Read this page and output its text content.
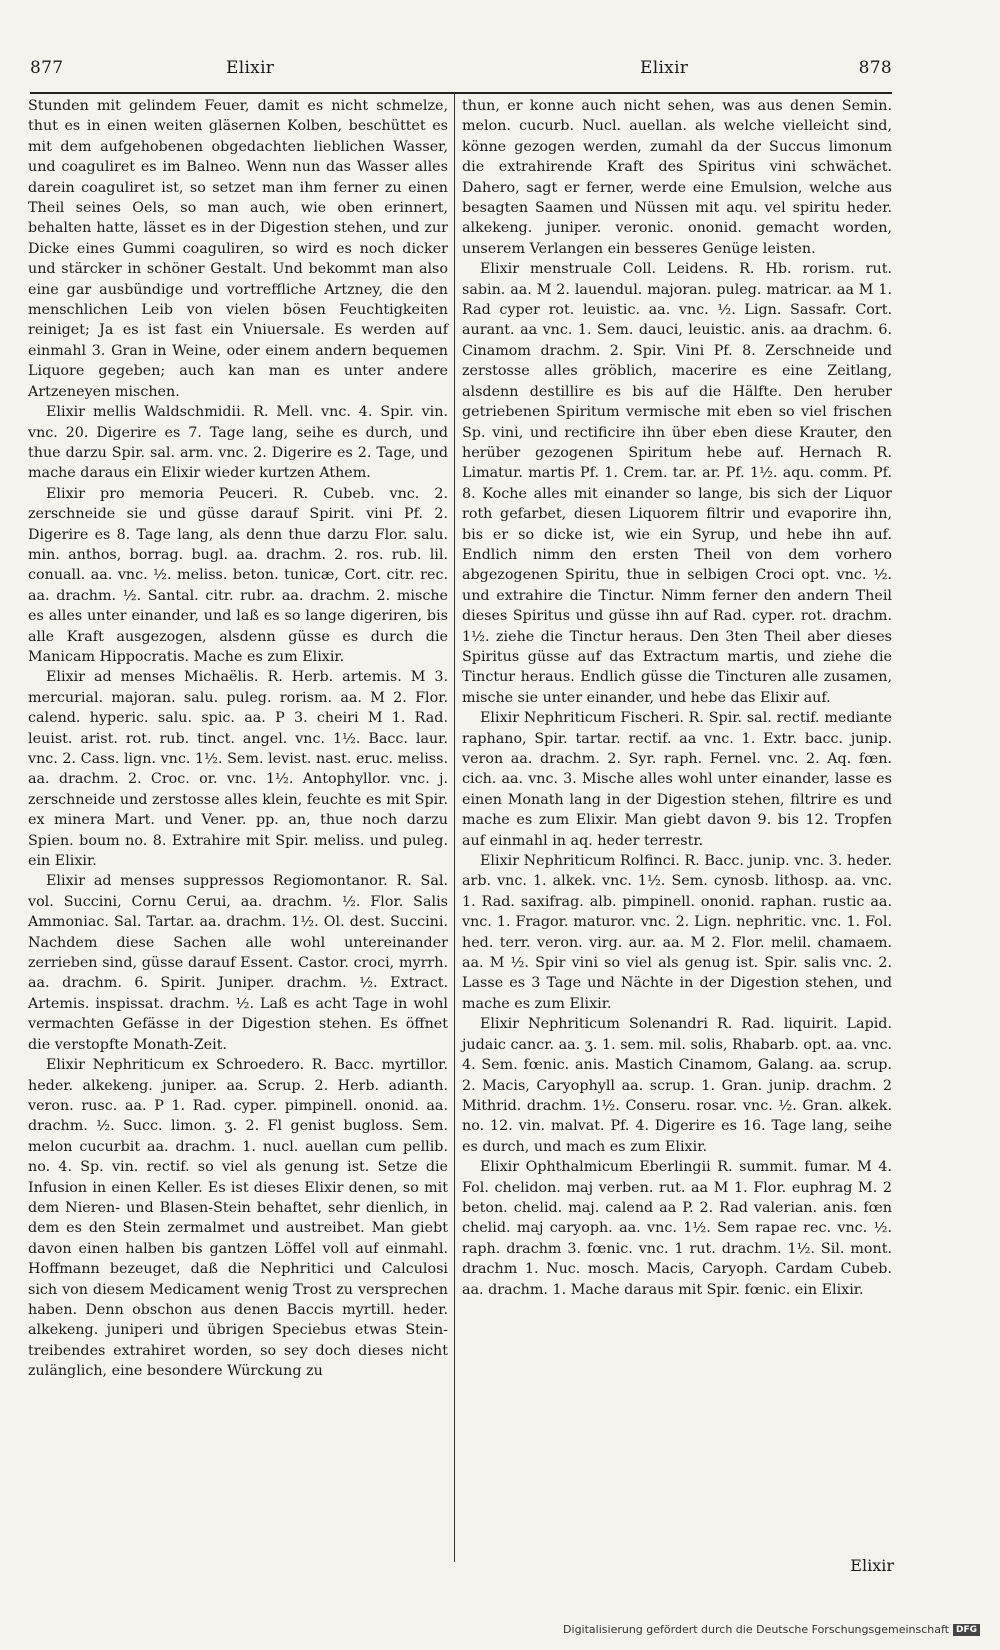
877	Elixir	Elixir	878

Stunden mit gelindem Feuer, damit es nicht schmelze, thut es in einen weiten gläsernen Kolben, beschüttet es mit dem aufgehobenen obgedachten lieblichen Wasser, und coaguliret es im Balneo. Wenn nun das Wasser alles darein coaguliret ist, so setzet man ihm ferner zu einen Theil seines Oels, so man auch, wie oben erinnert, behalten hatte, lässet es in der Digestion stehen, und zur Dicke eines Gummi coaguliren, so wird es noch dicker und stärcker in schöner Gestalt. Und bekommt man also eine gar ausbündige und vortreffliche Artzney, die den menschlichen Leib von vielen bösen Feuchtigkeiten reiniget; Ja es ist fast ein Vniuersale. Es werden auf einmahl 3. Gran in Weine, oder einem andern bequemen Liquore gegeben; auch kan man es unter andere Artzeneyen mischen.

Elixir mellis Waldschmidii. R. Mell. vnc. 4. Spir. vin. vnc. 20. Digerire es 7. Tage lang, seihe es durch, und thue darzu Spir. sal. arm. vnc. 2. Digerire es 2. Tage, und mache daraus ein Elixir wieder kurtzen Athem.

Elixir pro memoria Peuceri. R. Cubeb. vnc. 2. zerschneide sie und güsse darauf Spirit. vini Pf. 2. Digerire es 8. Tage lang, als denn thue darzu Flor. salu. min. anthos, borrag. bugl. aa. drachm. 2. ros. rub. lil. conuall. aa. vnc. ½. meliss. beton. tunicæ, Cort. citr. rec. aa. drachm. ½. Santal. citr. rubr. aa. drachm. 2. mische es alles unter einander, und laß es so lange digeriren, bis alle Kraft ausgezogen, alsdenn güsse es durch die Manicam Hippocratis. Mache es zum Elixir.

Elixir ad menses Michaëlis. R. Herb. artemis. M 3. mercurial. majoran. salu. puleg. rorism. aa. M 2. Flor. calend. hyperic. salu. spic. aa. P 3. cheiri M 1. Rad. leuist. arist. rot. rub. tinct. angel. vnc. 1½. Bacc. laur. vnc. 2. Cass. lign. vnc. 1½. Sem. levist. nast. eruc. meliss. aa. drachm. 2. Croc. or. vnc. 1½. Antophyllor. vnc. j. zerschneide und zerstosse alles klein, feuchte es mit Spir. ex minera Mart. und Vener. pp. an, thue noch darzu Spien. boum no. 8. Extrahire mit Spir. meliss. und puleg. ein Elixir.

Elixir ad menses suppressos Regiomontanor. R. Sal. vol. Succini, Cornu Cerui, aa. drachm. ½. Flor. Salis Ammoniac. Sal. Tartar. aa. drachm. 1½. Ol. dest. Succini. Nachdem diese Sachen alle wohl untereinander zerrieben sind, güsse darauf Essent. Castor. croci, myrrh. aa. drachm. 6. Spirit. Juniper. drachm. ½. Extract. Artemis. inspissat. drachm. ½. Laß es acht Tage in wohl vermachten Gefässe in der Digestion stehen. Es öffnet die verstopfte Monath-Zeit.

Elixir Nephriticum ex Schroedero. R. Bacc. myrtillor. heder. alkekeng. juniper. aa. Scrup. 2. Herb. adianth. veron. rusc. aa. P 1. Rad. cyper. pimpinell. ononid. aa. drachm. ½. Succ. limon. ʒ. 2. Fl genist bugloss. Sem. melon cucurbit aa. drachm. 1. nucl. auellan cum pellib. no. 4. Sp. vin. rectif. so viel als genung ist. Setze die Infusion in einen Keller. Es ist dieses Elixir denen, so mit dem Nieren- und Blasen-Stein behaftet, sehr dienlich, in dem es den Stein zermalmet und austreibet. Man giebt davon einen halben bis gantzen Löffel voll auf einmahl. Hoffmann bezeuget, daß die Nephritici und Calculosi sich von diesem Medicament wenig Trost zu versprechen haben. Denn obschon aus denen Baccis myrtill. heder. alkekeng. juniperi und übrigen Speciebus etwas Stein-treibendes extrahiret worden, so sey doch dieses nicht zulänglich, eine besondere Würckung zu

thun, er konne auch nicht sehen, was aus denen Semin. melon. cucurb. Nucl. auellan. als welche vielleicht sind, könne gezogen werden, zumahl da der Succus limonum die extrahirende Kraft des Spiritus vini schwächet. Dahero, sagt er ferner, werde eine Emulsion, welche aus besagten Saamen und Nüssen mit aqu. vel spiritu heder. alkekeng. juniper. veronic. ononid. gemacht worden, unserem Verlangen ein besseres Genüge leisten.

Elixir menstruale Coll. Leidens. R. Hb. rorism. rut. sabin. aa. M 2. lauendul. majoran. puleg. matricar. aa M 1. Rad cyper rot. leuistic. aa. vnc. ½. Lign. Sassafr. Cort. aurant. aa vnc. 1. Sem. dauci, leuistic. anis. aa drachm. 6. Cinamom drachm. 2. Spir. Vini Pf. 8. Zerschneide und zerstosse alles gröblich, macerire es eine Zeitlang, alsdenn destillire es bis auf die Hälfte. Den heruber getriebenen Spiritum vermische mit eben so viel frischen Sp. vini, und rectificire ihn über eben diese Krauter, den herüber gezogenen Spiritum hebe auf. Hernach R. Limatur. martis Pf. 1. Crem. tar. ar. Pf. 1½. aqu. comm. Pf. 8. Koche alles mit einander so lange, bis sich der Liquor roth gefarbet, diesen Liquorem filtrir und evaporire ihn, bis er so dicke ist, wie ein Syrup, und hebe ihn auf. Endlich nimm den ersten Theil von dem vorhero abgezogenen Spiritu, thue in selbigen Croci opt. vnc. ½. und extrahire die Tinctur. Nimm ferner den andern Theil dieses Spiritus und güsse ihn auf Rad. cyper. rot. drachm. 1½. ziehe die Tinctur heraus. Den 3ten Theil aber dieses Spiritus güsse auf das Extractum martis, und ziehe die Tinctur heraus. Endlich güsse die Tincturen alle zusamen, mische sie unter einander, und hebe das Elixir auf.

Elixir Nephriticum Fischeri. R. Spir. sal. rectif. mediante raphano, Spir. tartar. rectif. aa vnc. 1. Extr. bacc. junip. veron aa. drachm. 2. Syr. raph. Fernel. vnc. 2. Aq. fœn. cich. aa. vnc. 3. Mische alles wohl unter einander, lasse es einen Monath lang in der Digestion stehen, filtrire es und mache es zum Elixir. Man giebt davon 9. bis 12. Tropfen auf einmahl in aq. heder terrestr.

Elixir Nephriticum Rolfinci. R. Bacc. junip. vnc. 3. heder. arb. vnc. 1. alkek. vnc. 1½. Sem. cynosb. lithosp. aa. vnc. 1. Rad. saxifrag. alb. pimpinell. ononid. raphan. rustic aa. vnc. 1. Fragor. maturor. vnc. 2. Lign. nephritic. vnc. 1. Fol. hed. terr. veron. virg. aur. aa. M 2. Flor. melil. chamaem. aa. M ½. Spir vini so viel als genug ist. Spir. salis vnc. 2. Lasse es 3 Tage und Nächte in der Digestion stehen, und mache es zum Elixir.

Elixir Nephriticum Solenandri R. Rad. liquirit. Lapid. judaic cancr. aa. ʒ. 1. sem. mil. solis, Rhabarb. opt. aa. vnc. 4. Sem. fœnic. anis. Mastich Cinamom, Galang. aa. scrup. 2. Macis, Caryophyll aa. scrup. 1. Gran. junip. drachm. 2 Mithrid. drachm. 1½. Conseru. rosar. vnc. ½. Gran. alkek. no. 12. vin. malvat. Pf. 4. Digerire es 16. Tage lang, seihe es durch, und mach es zum Elixir.

Elixir Ophthalmicum Eberlingii R. summit. fumar. M 4. Fol. chelidon. maj verben. rut. aa M 1. Flor. euphrag M. 2 beton. chelid. maj. calend aa P. 2. Rad valerian. anis. fœn chelid. maj caryoph. aa. vnc. 1½. Sem rapae rec. vnc. ½. raph. drachm 3. fœnic. vnc. 1 rut. drachm. 1½. Sil. mont. drachm 1. Nuc. mosch. Macis, Caryoph. Cardam Cubeb. aa. drachm. 1. Mache daraus mit Spir. fœnic. ein Elixir.

Elixir
Digitalisierung gefördert durch die Deutsche Forschungsgemeinschaft DFG
